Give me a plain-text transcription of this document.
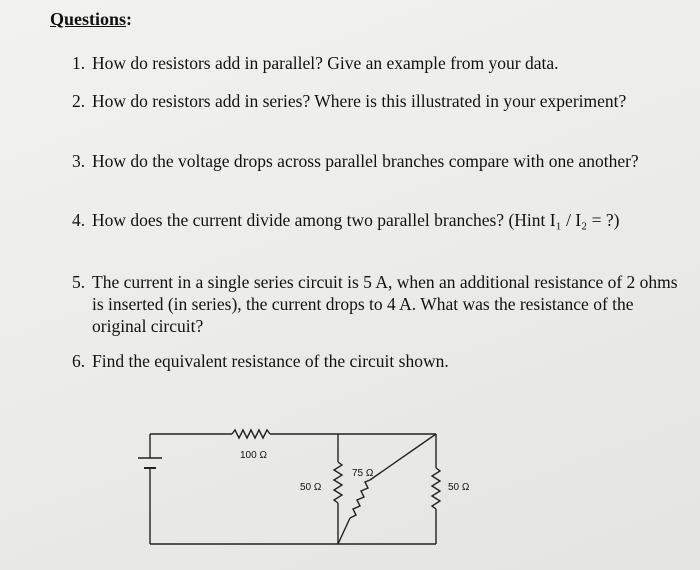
Questions:
1. How do resistors add in parallel? Give an example from your data.
2. How do resistors add in series? Where is this illustrated in your experiment?
3. How do the voltage drops across parallel branches compare with one another?
4. How does the current divide among two parallel branches? (Hint I₁ / I₂ = ?)
5. The current in a single series circuit is 5 A, when an additional resistance of 2 ohms is inserted (in series), the current drops to 4 A. What was the resistance of the original circuit?
6. Find the equivalent resistance of the circuit shown.
100 Ω
50 Ω
75 Ω
50 Ω
